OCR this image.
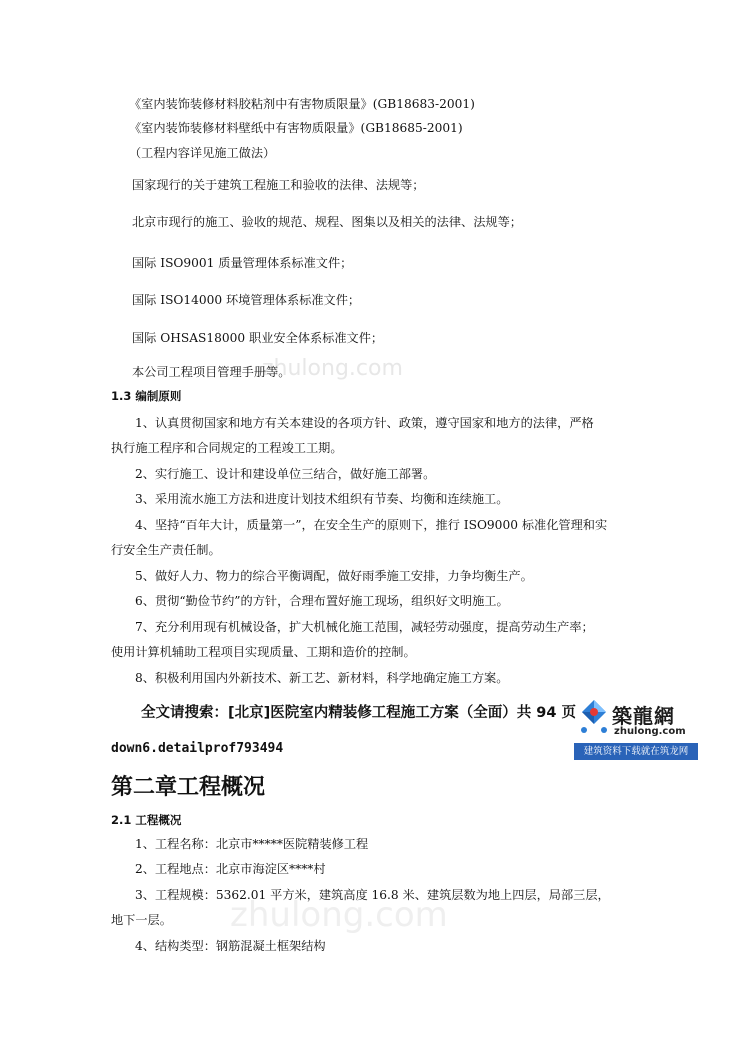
zhulong.com
zhulong.com
《室内装饰装修材料胶粘剂中有害物质限量》(GB18683-2001)
《室内装饰装修材料壁纸中有害物质限量》(GB18685-2001)
（工程内容详见施工做法）
国家现行的关于建筑工程施工和验收的法律、法规等；
北京市现行的施工、验收的规范、规程、图集以及相关的法律、法规等；
国际 ISO9001 质量管理体系标准文件；
国际 ISO14000 环境管理体系标准文件；
国际 OHSAS18000 职业安全体系标准文件；
本公司工程项目管理手册等。
1.3 编制原则
1、认真贯彻国家和地方有关本建设的各项方针、政策，遵守国家和地方的法律，严格
执行施工程序和合同规定的工程竣工工期。
2、实行施工、设计和建设单位三结合，做好施工部署。
3、采用流水施工方法和进度计划技术组织有节奏、均衡和连续施工。
4、坚持“百年大计，质量第一”，在安全生产的原则下，推行 ISO9000 标准化管理和实
行安全生产责任制。
5、做好人力、物力的综合平衡调配，做好雨季施工安排，力争均衡生产。
6、贯彻“勤俭节约”的方针，合理布置好施工现场，组织好文明施工。
7、充分利用现有机械设备，扩大机械化施工范围，减轻劳动强度，提高劳动生产率；
使用计算机辅助工程项目实现质量、工期和造价的控制。
8、积极利用国内外新技术、新工艺、新材料，科学地确定施工方案。
全文请搜索：[北京]医院室内精装修工程施工方案（全面）共 94 页
down6.detailprof793494
築龍網
zhulong.com
建筑资料下载就在筑龙网
第二章工程概况
2.1 工程概况
1、工程名称：北京市*****医院精装修工程
2、工程地点：北京市海淀区****村
3、工程规模：5362.01 平方米，建筑高度 16.8 米、建筑层数为地上四层，局部三层，
地下一层。
4、结构类型：钢筋混凝土框架结构
